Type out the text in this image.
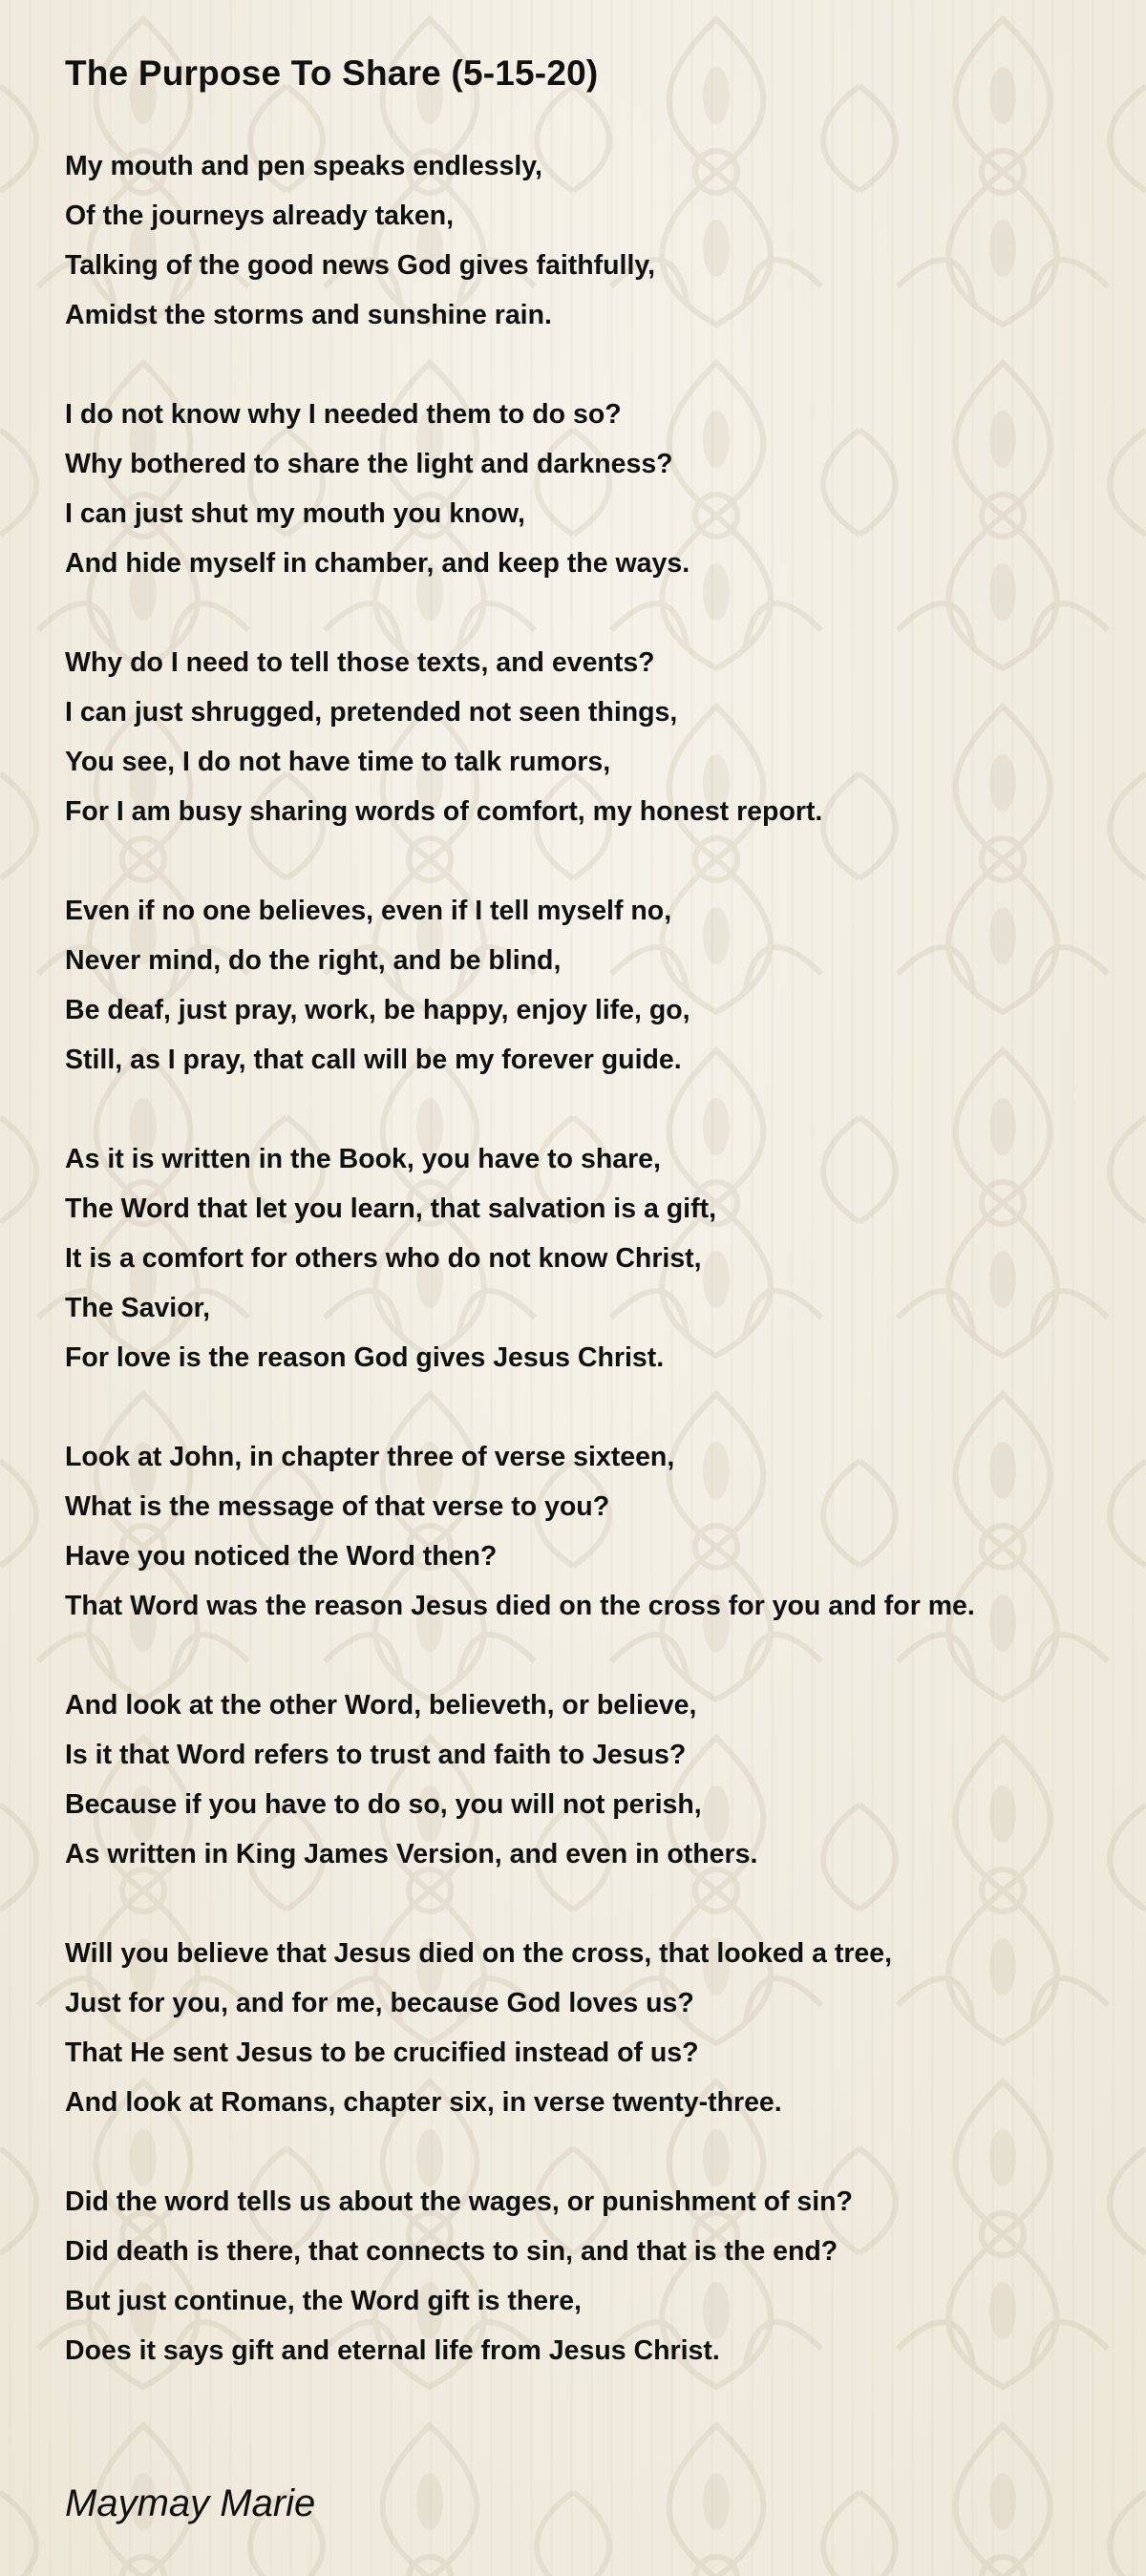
The Purpose To Share (5-15-20)
My mouth and pen speaks endlessly,
Of the journeys already taken,
Talking of the good news God gives faithfully,
Amidst the storms and sunshine rain.
I do not know why I needed them to do so?
Why bothered to share the light and darkness?
I can just shut my mouth you know,
And hide myself in chamber, and keep the ways.
Why do I need to tell those texts, and events?
I can just shrugged, pretended not seen things,
You see, I do not have time to talk rumors,
For I am busy sharing words of comfort, my honest report.
Even if no one believes, even if I tell myself no,
Never mind, do the right, and be blind,
Be deaf, just pray, work, be happy, enjoy life, go,
Still, as I pray, that call will be my forever guide.
As it is written in the Book, you have to share,
The Word that let you learn, that salvation is a gift,
It is a comfort for others who do not know Christ,
The Savior,
For love is the reason God gives Jesus Christ.
Look at John, in chapter three of verse sixteen,
What is the message of that verse to you?
Have you noticed the Word then?
That Word was the reason Jesus died on the cross for you and for me.
And look at the other Word, believeth, or believe,
Is it that Word refers to trust and faith to Jesus?
Because if you have to do so, you will not perish,
As written in King James Version, and even in others.
Will you believe that Jesus died on the cross, that looked a tree,
Just for you, and for me, because God loves us?
That He sent Jesus to be crucified instead of us?
And look at Romans, chapter six, in verse twenty-three.
Did the word tells us about the wages, or punishment of sin?
Did death is there, that connects to sin, and that is the end?
But just continue, the Word gift is there,
Does it says gift and eternal life from Jesus Christ.
Maymay Marie
